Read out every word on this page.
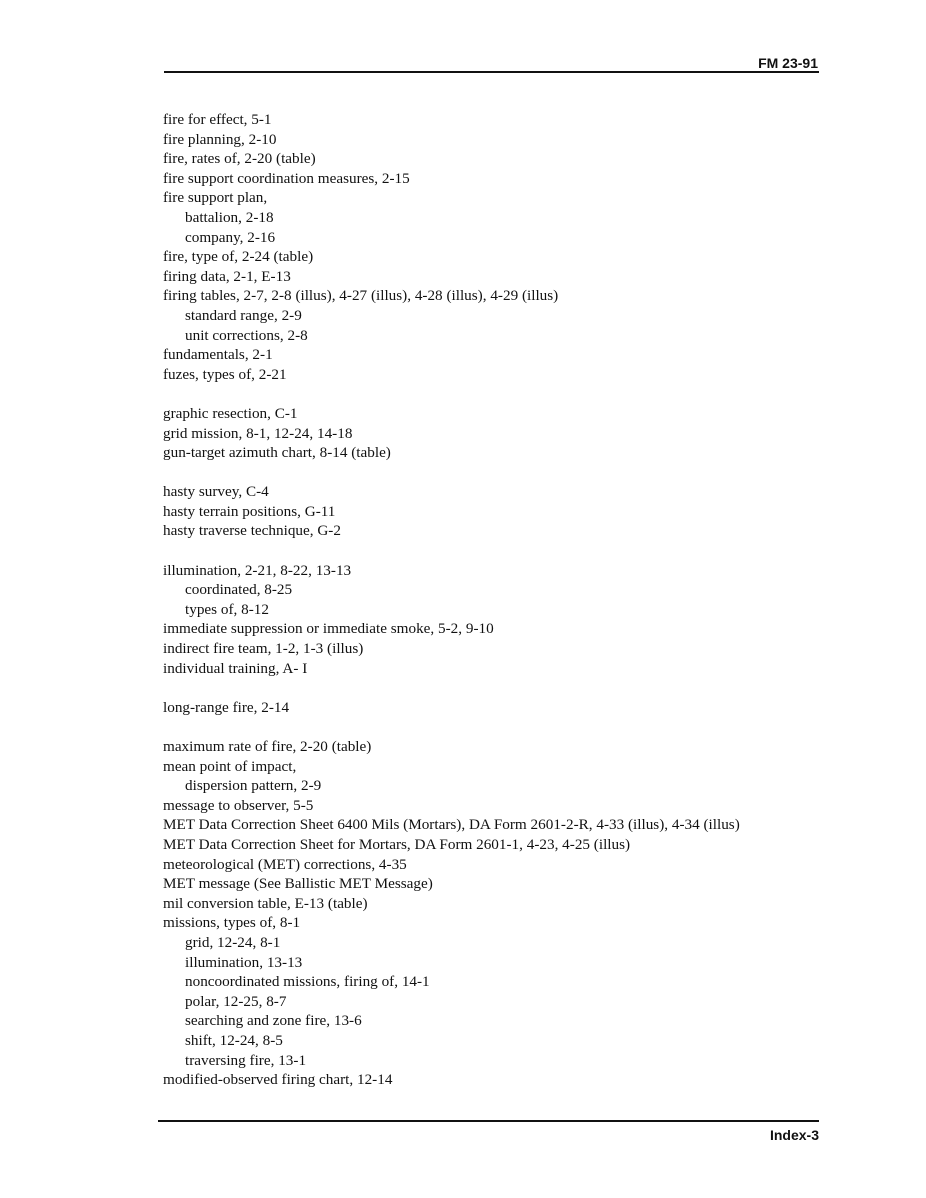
FM 23-91
fire for effect, 5-1
fire planning, 2-10
fire, rates of, 2-20 (table)
fire support coordination measures, 2-15
fire support plan,
battalion, 2-18
company, 2-16
fire, type of, 2-24 (table)
firing data, 2-1, E-13
firing tables, 2-7, 2-8 (illus), 4-27 (illus), 4-28 (illus), 4-29 (illus)
standard range, 2-9
unit corrections, 2-8
fundamentals, 2-1
fuzes, types of, 2-21
graphic resection, C-1
grid mission, 8-1, 12-24, 14-18
gun-target azimuth chart, 8-14 (table)
hasty survey, C-4
hasty terrain positions, G-11
hasty traverse technique, G-2
illumination, 2-21, 8-22, 13-13
coordinated, 8-25
types of, 8-12
immediate suppression or immediate smoke, 5-2, 9-10
indirect fire team, 1-2, 1-3 (illus)
individual training, A- I
long-range fire, 2-14
maximum rate of fire, 2-20 (table)
mean point of impact,
dispersion pattern, 2-9
message to observer, 5-5
MET Data Correction Sheet 6400 Mils (Mortars), DA Form 2601-2-R, 4-33 (illus), 4-34 (illus)
MET Data Correction Sheet for Mortars, DA Form 2601-1, 4-23, 4-25 (illus)
meteorological (MET) corrections, 4-35
MET message (See Ballistic MET Message)
mil conversion table, E-13 (table)
missions, types of, 8-1
grid, 12-24, 8-1
illumination, 13-13
noncoordinated missions, firing of, 14-1
polar, 12-25, 8-7
searching and zone fire, 13-6
shift, 12-24, 8-5
traversing fire, 13-1
modified-observed firing chart, 12-14
Index-3
